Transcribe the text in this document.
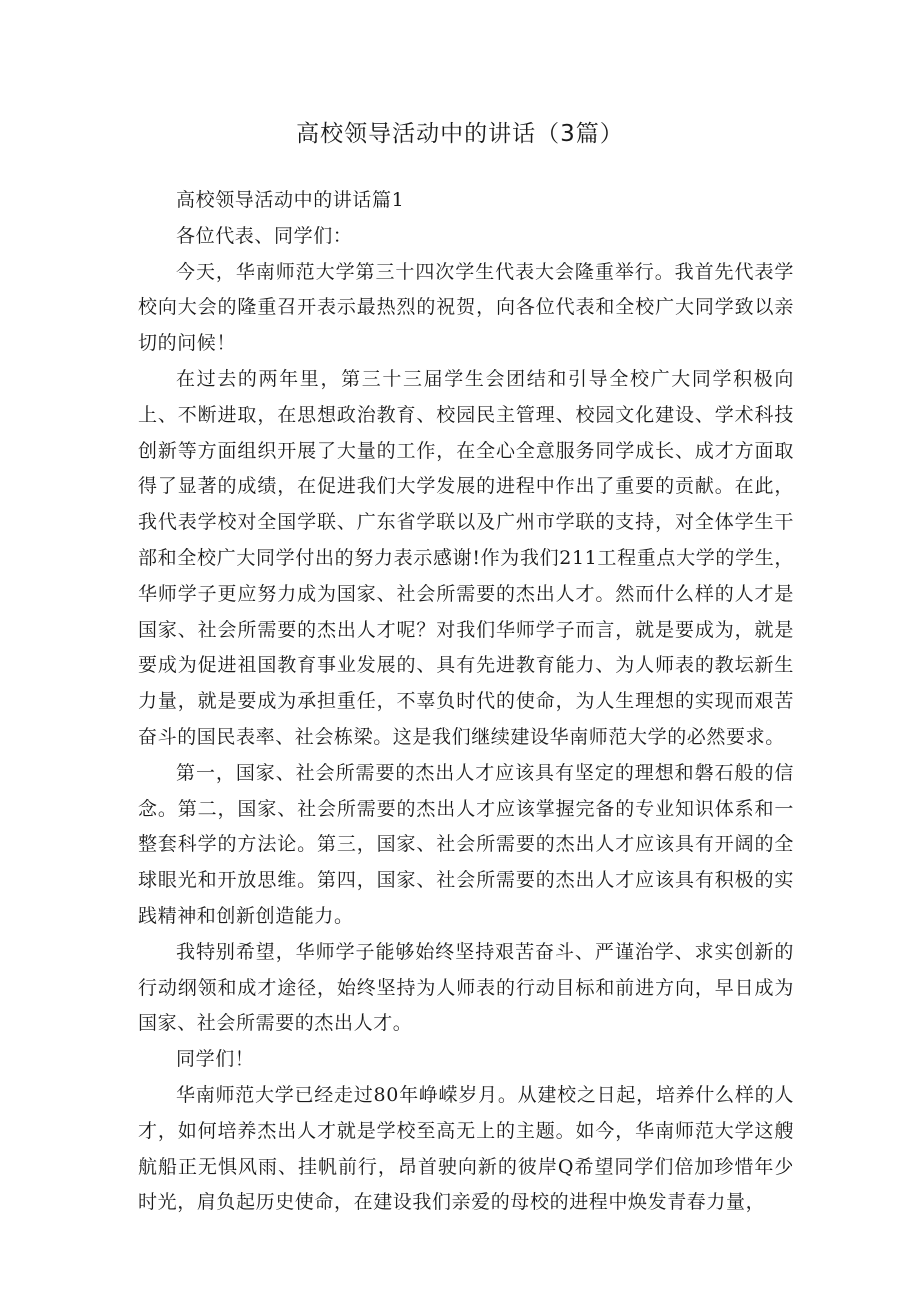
高校领导活动中的讲话（3篇）

高校领导活动中的讲话篇1

各位代表、同学们：

今天，华南师范大学第三十四次学生代表大会隆重举行。我首先代表学校向大会的隆重召开表示最热烈的祝贺，向各位代表和全校广大同学致以亲切的问候！

在过去的两年里，第三十三届学生会团结和引导全校广大同学积极向上、不断进取，在思想政治教育、校园民主管理、校园文化建设、学术科技创新等方面组织开展了大量的工作，在全心全意服务同学成长、成才方面取得了显著的成绩，在促进我们大学发展的进程中作出了重要的贡献。在此，我代表学校对全国学联、广东省学联以及广州市学联的支持，对全体学生干部和全校广大同学付出的努力表示感谢!作为我们211工程重点大学的学生，华师学子更应努力成为国家、社会所需要的杰出人才。然而什么样的人才是国家、社会所需要的杰出人才呢？对我们华师学子而言，就是要成为，就是要成为促进祖国教育事业发展的、具有先进教育能力、为人师表的教坛新生力量，就是要成为承担重任，不辜负时代的使命，为人生理想的实现而艰苦奋斗的国民表率、社会栋梁。这是我们继续建设华南师范大学的必然要求。

第一，国家、社会所需要的杰出人才应该具有坚定的理想和磐石般的信念。第二，国家、社会所需要的杰出人才应该掌握完备的专业知识体系和一整套科学的方法论。第三，国家、社会所需要的杰出人才应该具有开阔的全球眼光和开放思维。第四，国家、社会所需要的杰出人才应该具有积极的实践精神和创新创造能力。

我特别希望，华师学子能够始终坚持艰苦奋斗、严谨治学、求实创新的行动纲领和成才途径，始终坚持为人师表的行动目标和前进方向，早日成为国家、社会所需要的杰出人才。

同学们！

华南师范大学已经走过80年峥嵘岁月。从建校之日起，培养什么样的人才，如何培养杰出人才就是学校至高无上的主题。如今，华南师范大学这艘航船正无惧风雨、挂帆前行，昂首驶向新的彼岸Q希望同学们倍加珍惜年少时光，肩负起历史使命，在建设我们亲爱的母校的进程中焕发青春力量，
